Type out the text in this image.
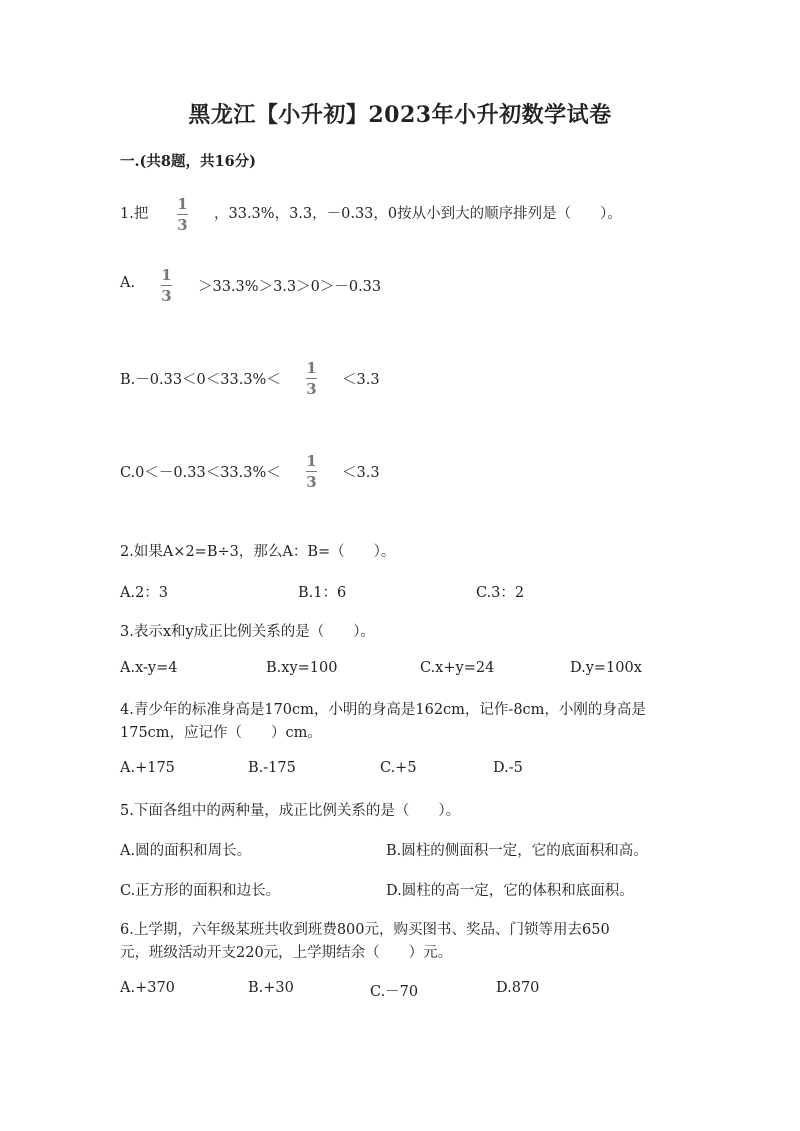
黑龙江【小升初】2023年小升初数学试卷
一.(共8题，共16分)
1.把
1
3
，33.3%，3.3，－0.33，0按从小到大的顺序排列是（　　）。
A. 1
3 ＞33.3%＞3.3＞0＞－0.33
B.－0.33＜0＜33.3%＜
1
3 ＜3.3
C.0＜－0.33＜33.3%＜
1
3 ＜3.3
2.如果A×2=B÷3，那么A：B=（　　）。
A.2：3	B.1：6	C.3：2
3.表示x和y成正比例关系的是（　　）。
A.x-y=4	B.xy=100	C.x+y=24	D.y=100x
4.青少年的标准身高是170cm，小明的身高是162cm，记作-8cm，小刚的身高是
175cm，应记作（　　）cm。
A.+175	B.-175	C.+5	D.-5
5.下面各组中的两种量，成正比例关系的是（　　）。
A.圆的面积和周长。	B.圆柱的侧面积一定，它的底面积和高。
C.正方形的面积和边长。	D.圆柱的高一定，它的体积和底面积。
6.上学期，六年级某班共收到班费800元，购买图书、奖品、门锁等用去650
元，班级活动开支220元，上学期结余（　　）元。
A.+370	B.+30	C.－70	D.870
